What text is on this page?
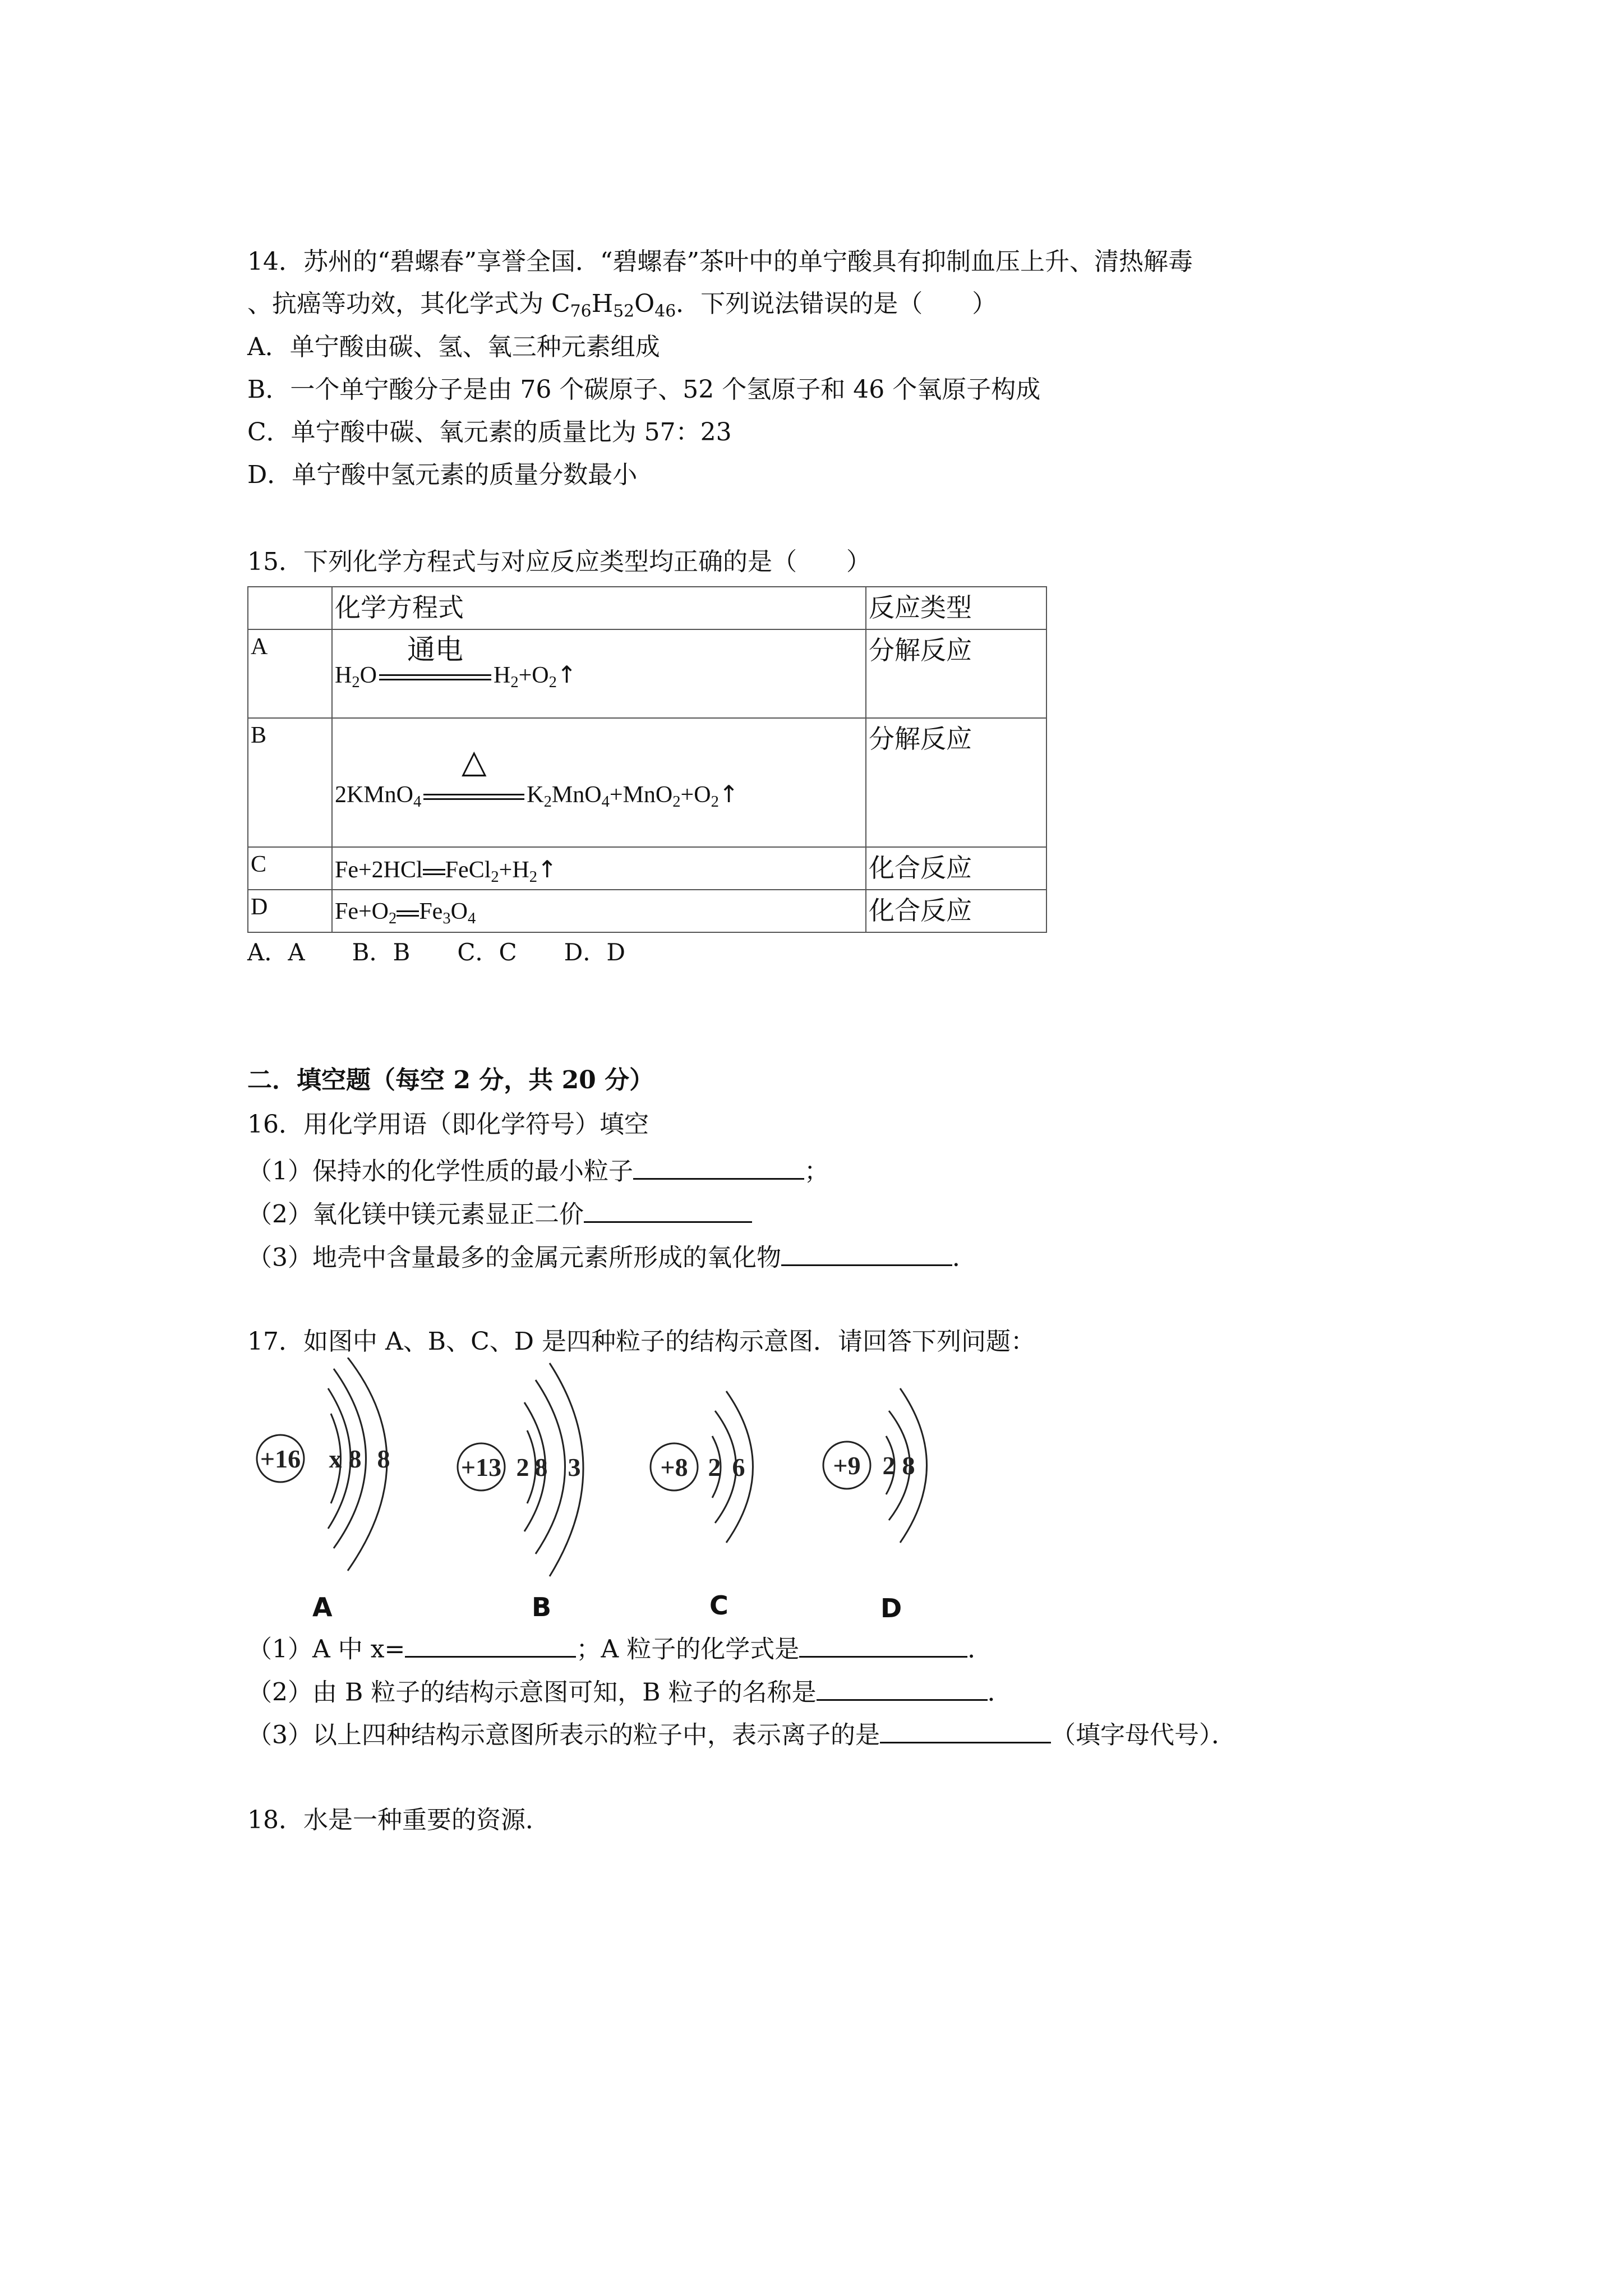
14．苏州的“碧螺春”享誉全国．“碧螺春”茶叶中的单宁酸具有抑制血压上升、清热解毒
、抗癌等功效，其化学式为 $C_{76}H_{52}O_{46}$．下列说法错误的是（　　）
A．单宁酸由碳、氢、氧三种元素组成
B．一个单宁酸分子是由 76 个碳原子、52 个氢原子和 46 个氧原子构成
C．单宁酸中碳、氧元素的质量比为 57：23
D．单宁酸中氢元素的质量分数最小
15．下列化学方程式与对应反应类型均正确的是（　　）
	化学方程式	反应类型
A	$H_2O$
通电
$H_2+O_2↑$	分解反应
B	2KMnO$_4$
△
$K_2MnO_4+MnO_2+O_2↑$	分解反应
C	Fe+2HCl $FeCl_2+H_2↑$	化合反应
D	$Fe+O_2$ $Fe_3O_4$	化合反应
A．A　　B．B　　C．C　　D．D
二．填空题（每空 2 分，共 20 分）
16．用化学用语（即化学符号）填空
（1）保持水的化学性质的最小粒子	；
（2）氧化镁中镁元素显正二价
（3）地壳中含量最多的金属元素所形成的氧化物	．
17．如图中 A、B、C、D 是四种粒子的结构示意图．请回答下列问题：
+16 x 8 8	+13 2 8 3	+8 2 6	+9 2 8
A	B	C	D
（1）A 中 x=	；A 粒子的化学式是	．
（2）由 B 粒子的结构示意图可知，B 粒子的名称是	．
（3）以上四种结构示意图所表示的粒子中，表示离子的是	（填字母代号）．
18．水是一种重要的资源．
